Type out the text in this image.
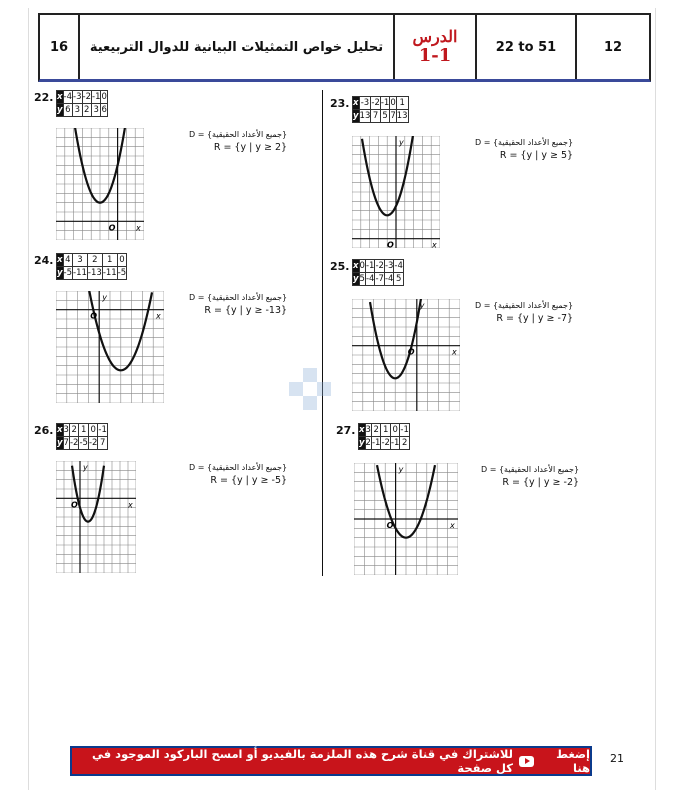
16	تحليل خواص التمثيلات البيانية للدوال التربيعية
الدرس
1-1	22 to 51	12
22. x	-4	-3	-2	-1	0
y	6	3	2	3	6
D = {جميع الأعداد الحقيقية}
R = {y | y ≥ 2}
O	x
23. x	-3	-2	-1	0	1
y	13	7	5	7	13
D = {جميع الأعداد الحقيقية}
R = {y | y ≥ 5}
O	x
y
24. x	4	3	2	1	0
y	-5	-11	-13	-11	-5
D = {جميع الأعداد الحقيقية}
R = {y | y ≥ -13}
O	x
y
25. x	0	-1	-2	-3	-4
y	5	-4	-7	-4	5
D = {جميع الأعداد الحقيقية}
R = {y | y ≥ -7}
O	x
y
26. x	3	2	1	0	-1
y	7	-2	-5	-2	7
D = {جميع الأعداد الحقيقية}
R = {y | y ≥ -5}
O	x
y
27. x	3	2	1	0	-1
y	2	-1	-2	-1	2
D = {جميع الأعداد الحقيقية}
R = {y | y ≥ -2}
O	x
y
إضغط هنا
للاشتراك في قناة شرح هذه الملزمة بالفيديو أو امسح الباركود الموجود في كل صفحة
21
